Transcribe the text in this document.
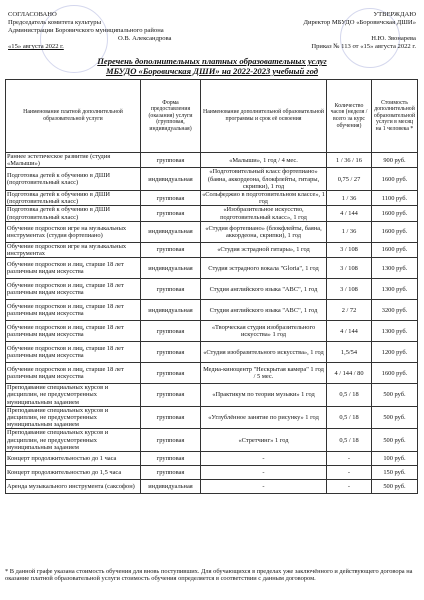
СОГЛАСОВАНО
Председатель комитета культуры
Администрации Боровичского муниципального района
О.В. Александрова
«15» августа 2022 г.
УТВЕРЖДАЮ
Директор МБУДО «Боровичская ДШИ»
Н.Ю. Звонарева
Приказ № 113 от «15» августа 2022 г.
Перечень дополнительных платных образовательных услуг
МБУДО «Боровичская ДШИ» на 2022-2023 учебный год
Наименование платной дополнительной образовательной услуги	Форма предоставления (оказания) услуги (групповая, индивидуальная)	Наименование дополнительной образовательной программы и срок её освоения	Количество часов (неделя / всего за курс обучения)	Стоимость дополнительной образовательной услуги в месяц на 1 человека *
Раннее эстетическое развитие (студия «Малыши»)	групповая	«Малыши», 1 год / 4 мес.	1 / 36 / 16	900 руб.
Подготовка детей к обучению в ДШИ (подготовительный класс)	индивидуальная	«Подготовительный класс фортепиано» (баяна, аккордеона, блокфлейты, гитары, скрипки), 1 год	0,75 / 27	1600 руб.
Подготовка детей к обучению в ДШИ (подготовительный класс)	групповая	«Сольфеджио в подготовительном классе», 1 год	1 / 36	1100 руб.
Подготовка детей к обучению в ДШИ (подготовительный класс)	групповая	«Изобразительное искусство, подготовительный класс», 1 год	4 / 144	1600 руб.
Обучение подростков игре на музыкальных инструментах (студия фортепиано)	индивидуальная	«Студия фортепиано» (блокфлейты, баяна, аккордеона, скрипки), 1 год	1 / 36	1600 руб.
Обучение подростков игре на музыкальных инструментах	групповая	«Студия эстрадной гитары», 1 год	3 / 108	1600 руб.
Обучение подростков и лиц, старше 18 лет различным видам искусства	индивидуальная	Студия эстрадного вокала "Gloria", 1 год	3 / 108	1300 руб.
Обучение подростков и лиц, старше 18 лет различным видам искусства	групповая	Студия английского языка "АВС", 1 год	3 / 108	1300 руб.
Обучение подростков и лиц, старше 18 лет различным видам искусства	индивидуальная	Студия английского языка "АВС", 1 год	2 / 72	3200 руб.
Обучение подростков и лиц, старше 18 лет различным видам искусства	групповая	«Творческая студия изобразительного искусства» 1 год	4 / 144	1300 руб.
Обучение подростков и лиц, старше 18 лет различным видам искусства	групповая	«Студия изобразительного искусства», 1 год	1,5/54	1200 руб.
Обучение подростков и лиц, старше 18 лет различным видам искусства	групповая	Медиа-киноцентр "Нескрытая камера" 1 год / 5 мес.	4 / 144 / 80	1600 руб.
Преподавание специальных курсов и дисциплин, не предусмотренных муниципальным заданием	групповая	«Практикум по теории музыки» 1 год	0,5 / 18	500 руб.
Преподавание специальных курсов и дисциплин, не предусмотренных муниципальным заданием	групповая	«Углублённое занятие по рисунку» 1 год	0,5 / 18	500 руб.
Преподавание специальных курсов и дисциплин, не предусмотренных муниципальным заданием	групповая	«Стретчинг» 1 год	0,5 / 18	500 руб.
Концерт продолжительностью до 1 часа	групповая	-	-	100 руб.
Концерт продолжительностью до 1,5 часа	групповая	-	-	150 руб.
Аренда музыкального инструмента (саксофон)	индивидуальная	-	-	500 руб.
* В данной графе указана стоимость обучения для вновь поступивших. Для обучающихся в пределах уже заключённого и действующего договора на оказание платной образовательной услуги стоимость обучения определяется в соответствии с данным договором.
